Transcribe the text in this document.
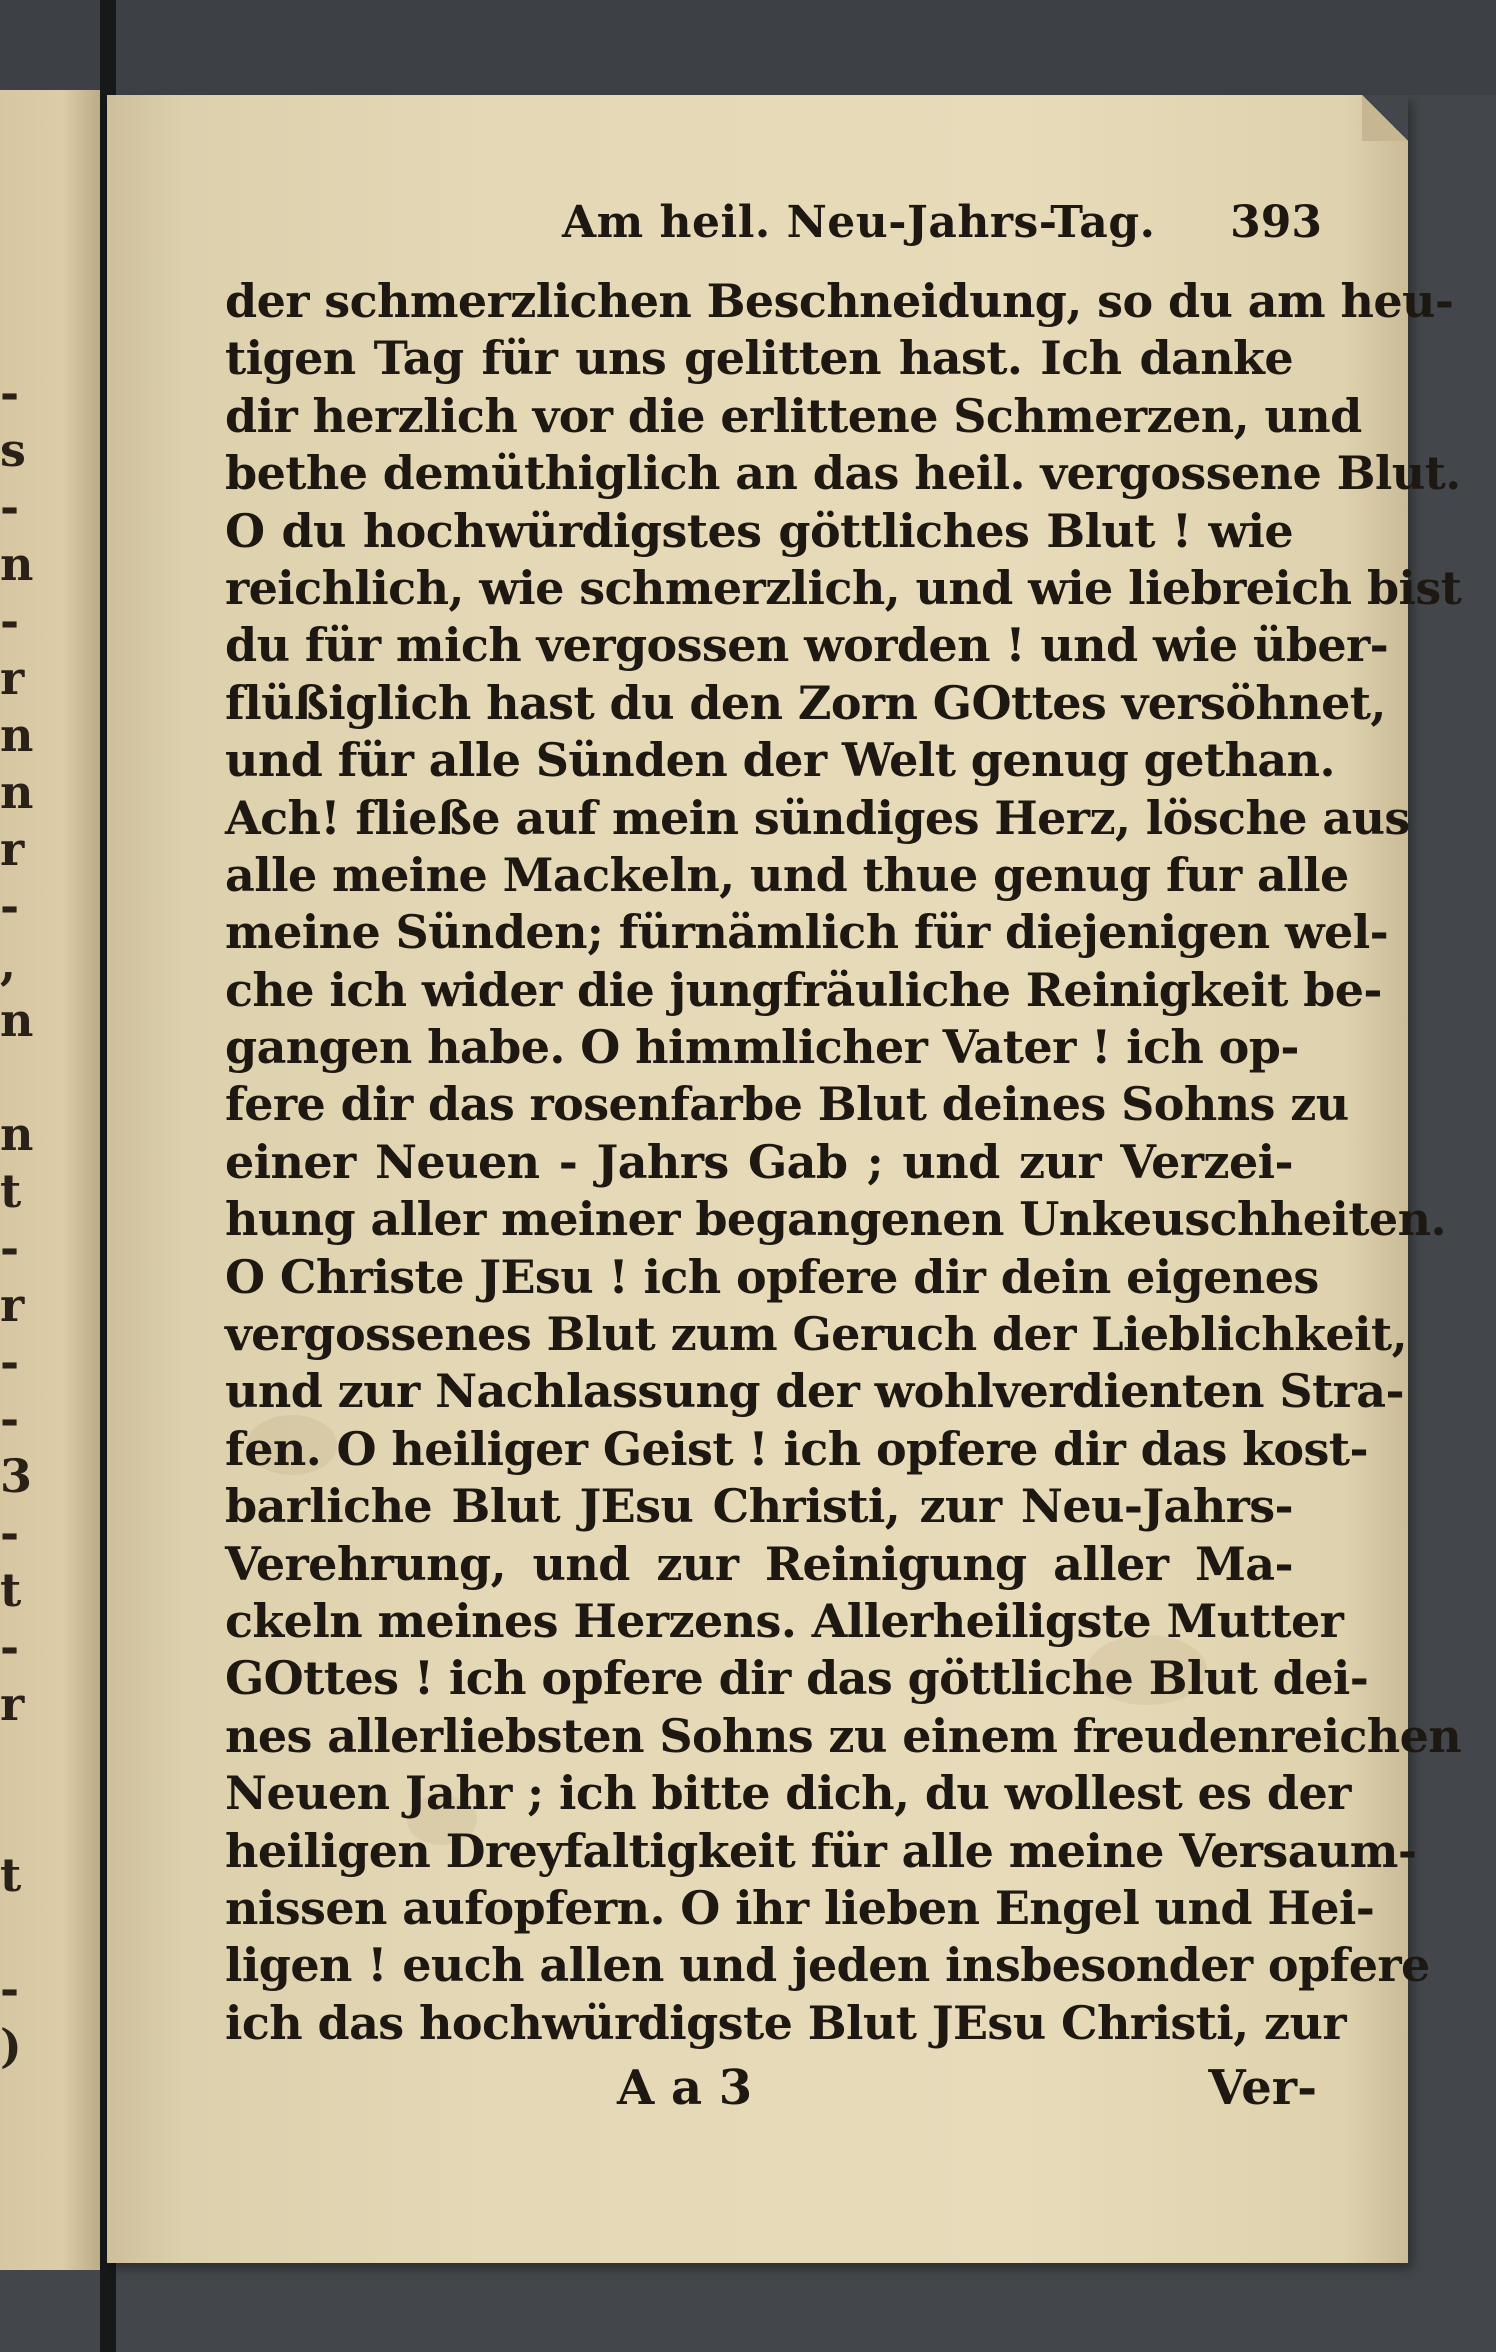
-
s
-
n
-
r
n
n
r
-
,
n
n
t
-
r
-
-
3
-
t
-
r
t
-
)
Am heil. Neu-Jahrs-Tag. 393
der schmerzlichen Beschneidung, so du am heu-
tigen Tag für uns gelitten hast. Ich danke
dir herzlich vor die erlittene Schmerzen, und
bethe demüthiglich an das heil. vergossene Blut.
O du hochwürdigstes göttliches Blut ! wie
reichlich, wie schmerzlich, und wie liebreich bist
du für mich vergossen worden ! und wie über-
flüßiglich hast du den Zorn GOttes versöhnet,
und für alle Sünden der Welt genug gethan.
Ach! fließe auf mein sündiges Herz, lösche aus
alle meine Mackeln, und thue genug fur alle
meine Sünden; fürnämlich für diejenigen wel-
che ich wider die jungfräuliche Reinigkeit be-
gangen habe. O himmlicher Vater ! ich op-
fere dir das rosenfarbe Blut deines Sohns zu
einer Neuen - Jahrs Gab ; und zur Verzei-
hung aller meiner begangenen Unkeuschheiten.
O Christe JEsu ! ich opfere dir dein eigenes
vergossenes Blut zum Geruch der Lieblichkeit,
und zur Nachlassung der wohlverdienten Stra-
fen. O heiliger Geist ! ich opfere dir das kost-
barliche Blut JEsu Christi, zur Neu-Jahrs-
Verehrung, und zur Reinigung aller Ma-
ckeln meines Herzens. Allerheiligste Mutter
GOttes ! ich opfere dir das göttliche Blut dei-
nes allerliebsten Sohns zu einem freudenreichen
Neuen Jahr ; ich bitte dich, du wollest es der
heiligen Dreyfaltigkeit für alle meine Versaum-
nissen aufopfern. O ihr lieben Engel und Hei-
ligen ! euch allen und jeden insbesonder opfere
ich das hochwürdigste Blut JEsu Christi, zur
A a 3	Ver-
